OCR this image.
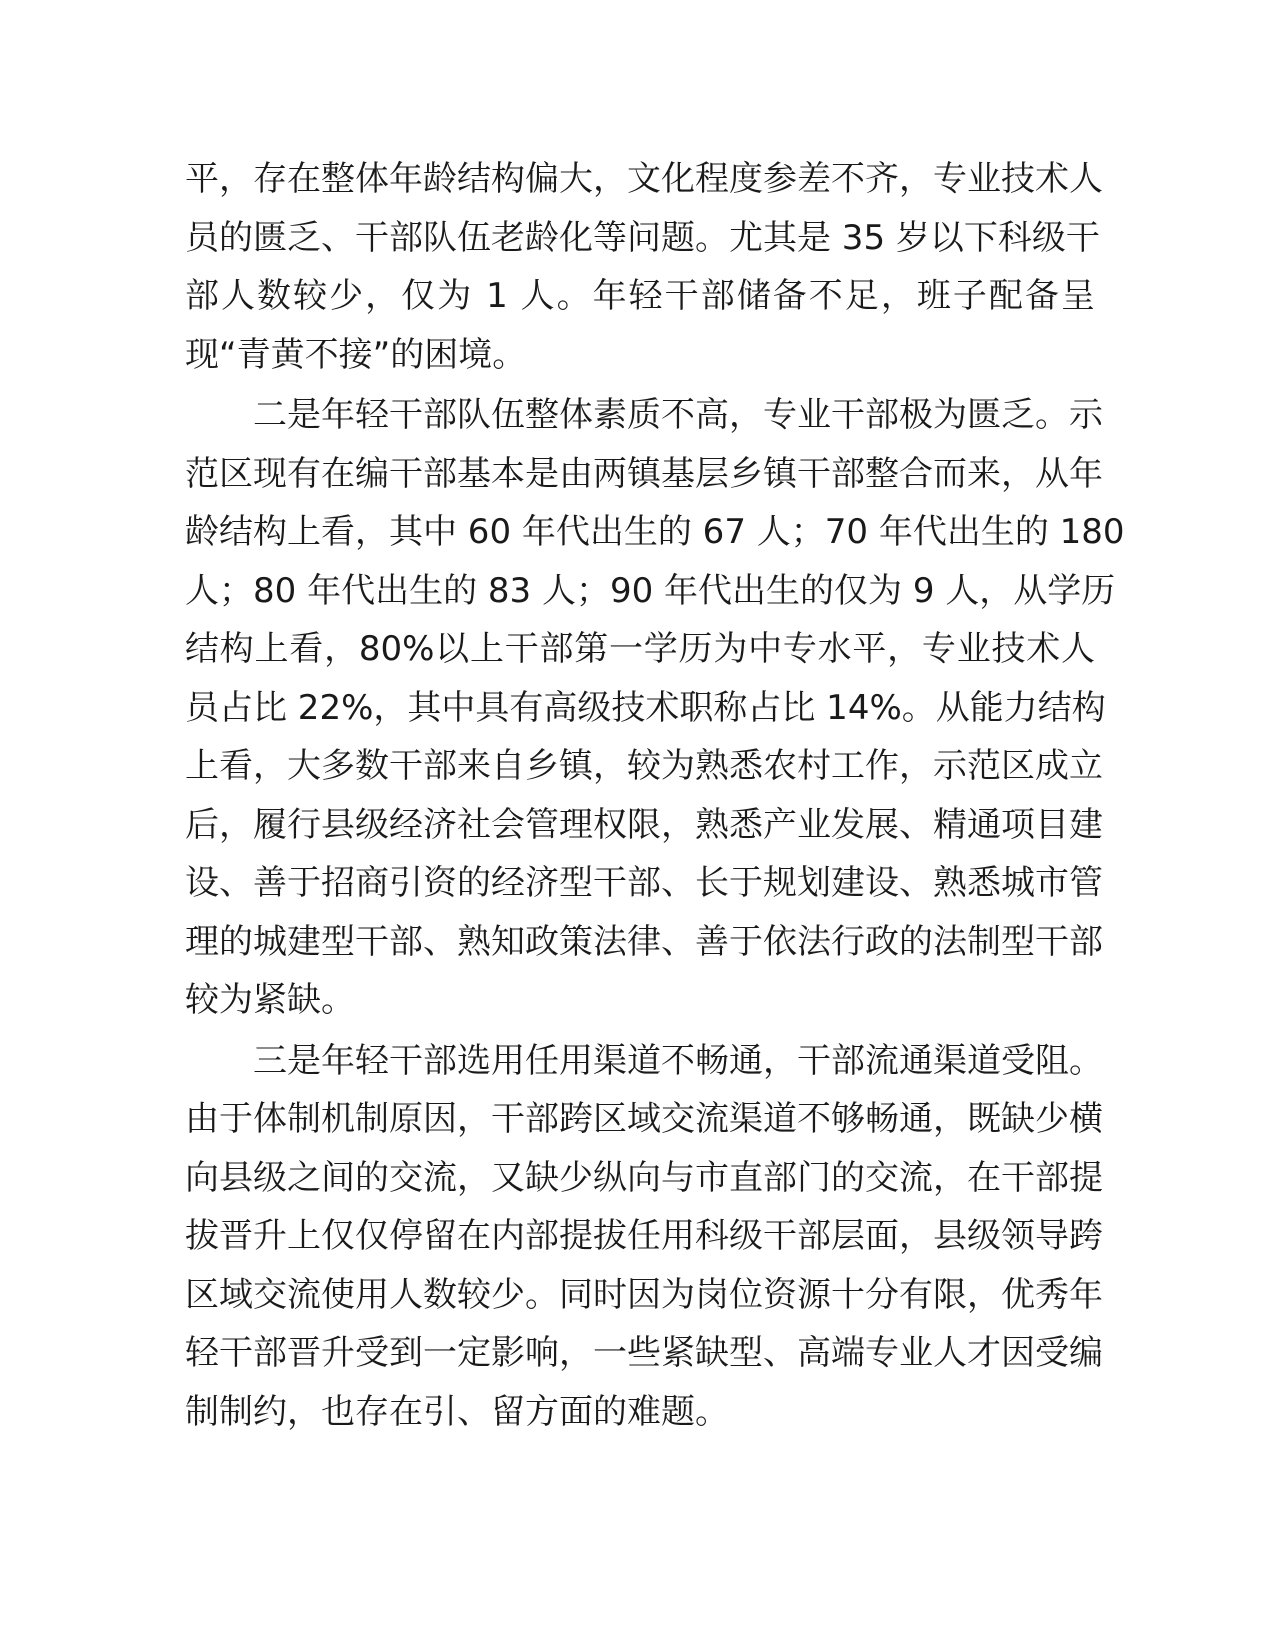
平，存在整体年龄结构偏大，文化程度参差不齐，专业技术人
员的匮乏、干部队伍老龄化等问题。尤其是 35 岁以下科级干
部人数较少，仅为 1 人。年轻干部储备不足，班子配备呈
现“青黄不接”的困境。
二是年轻干部队伍整体素质不高，专业干部极为匮乏。示
范区现有在编干部基本是由两镇基层乡镇干部整合而来，从年
龄结构上看，其中 60 年代出生的 67 人；70 年代出生的 180
人；80 年代出生的 83 人；90 年代出生的仅为 9 人，从学历
结构上看，80%以上干部第一学历为中专水平，专业技术人
员占比 22%，其中具有高级技术职称占比 14%。从能力结构
上看，大多数干部来自乡镇，较为熟悉农村工作，示范区成立
后，履行县级经济社会管理权限，熟悉产业发展、精通项目建
设、善于招商引资的经济型干部、长于规划建设、熟悉城市管
理的城建型干部、熟知政策法律、善于依法行政的法制型干部
较为紧缺。
三是年轻干部选用任用渠道不畅通，干部流通渠道受阻。
由于体制机制原因，干部跨区域交流渠道不够畅通，既缺少横
向县级之间的交流，又缺少纵向与市直部门的交流，在干部提
拔晋升上仅仅停留在内部提拔任用科级干部层面，县级领导跨
区域交流使用人数较少。同时因为岗位资源十分有限，优秀年
轻干部晋升受到一定影响，一些紧缺型、高端专业人才因受编
制制约，也存在引、留方面的难题。
